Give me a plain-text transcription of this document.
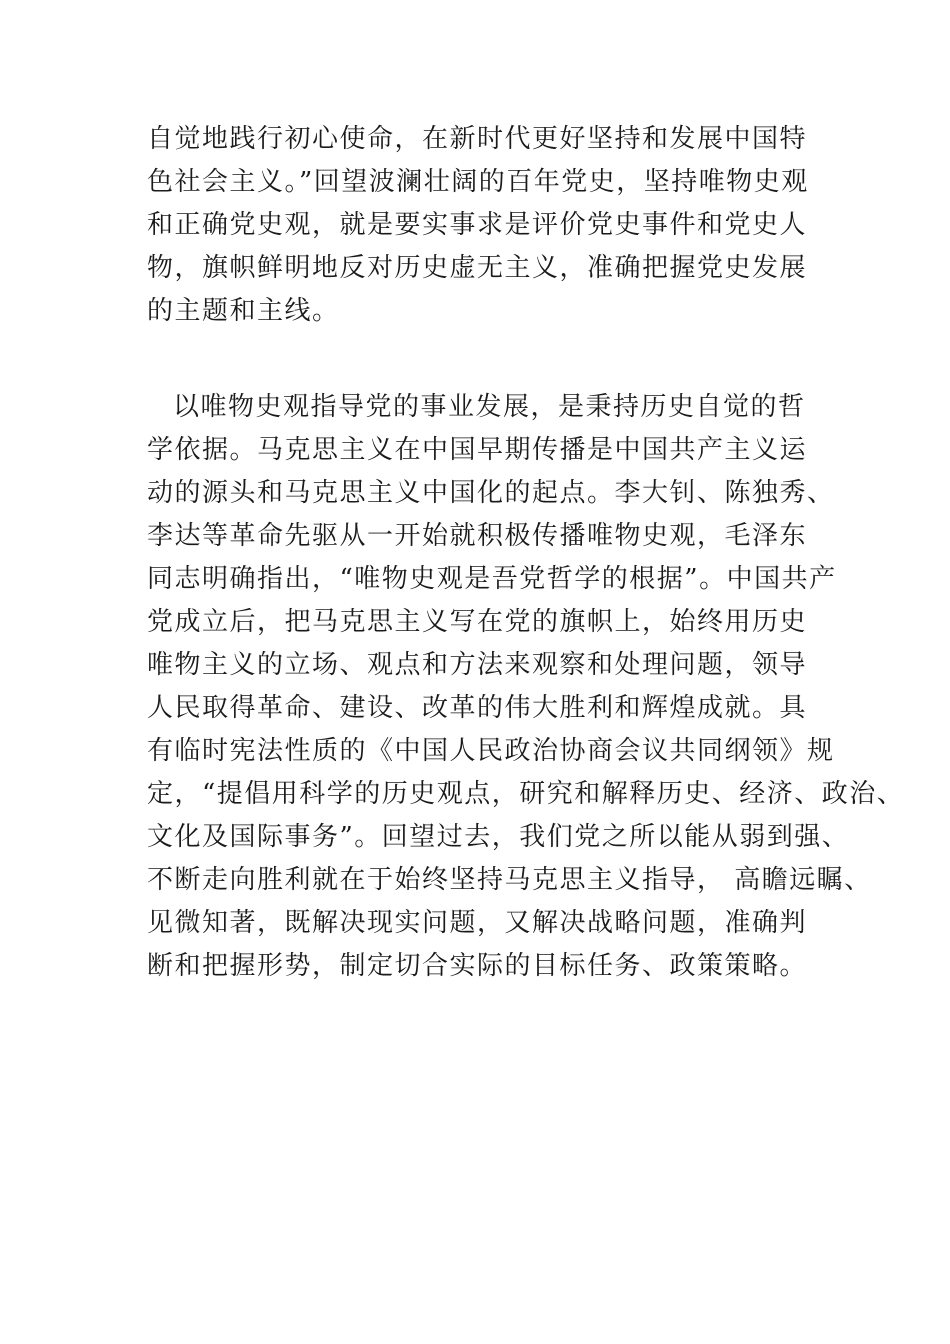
自觉地践行初心使命，在新时代更好坚持和发展中国特
色社会主义。”回望波澜壮阔的百年党史，坚持唯物史观
和正确党史观，就是要实事求是评价党史事件和党史人
物，旗帜鲜明地反对历史虚无主义，准确把握党史发展
的主题和主线。
以唯物史观指导党的事业发展，是秉持历史自觉的哲
学依据。马克思主义在中国早期传播是中国共产主义运
动的源头和马克思主义中国化的起点。李大钊、陈独秀、
李达等革命先驱从一开始就积极传播唯物史观，毛泽东
同志明确指出，“唯物史观是吾党哲学的根据”。中国共产
党成立后，把马克思主义写在党的旗帜上，始终用历史
唯物主义的立场、观点和方法来观察和处理问题，领导
人民取得革命、建设、改革的伟大胜利和辉煌成就。具
有临时宪法性质的《中国人民政治协商会议共同纲领》规
定，“提倡用科学的历史观点，研究和解释历史、经济、政治、
文化及国际事务”。回望过去，我们党之所以能从弱到强、
不断走向胜利就在于始终坚持马克思主义指导， 高瞻远瞩、
见微知著，既解决现实问题，又解决战略问题，准确判
断和把握形势，制定切合实际的目标任务、政策策略。
